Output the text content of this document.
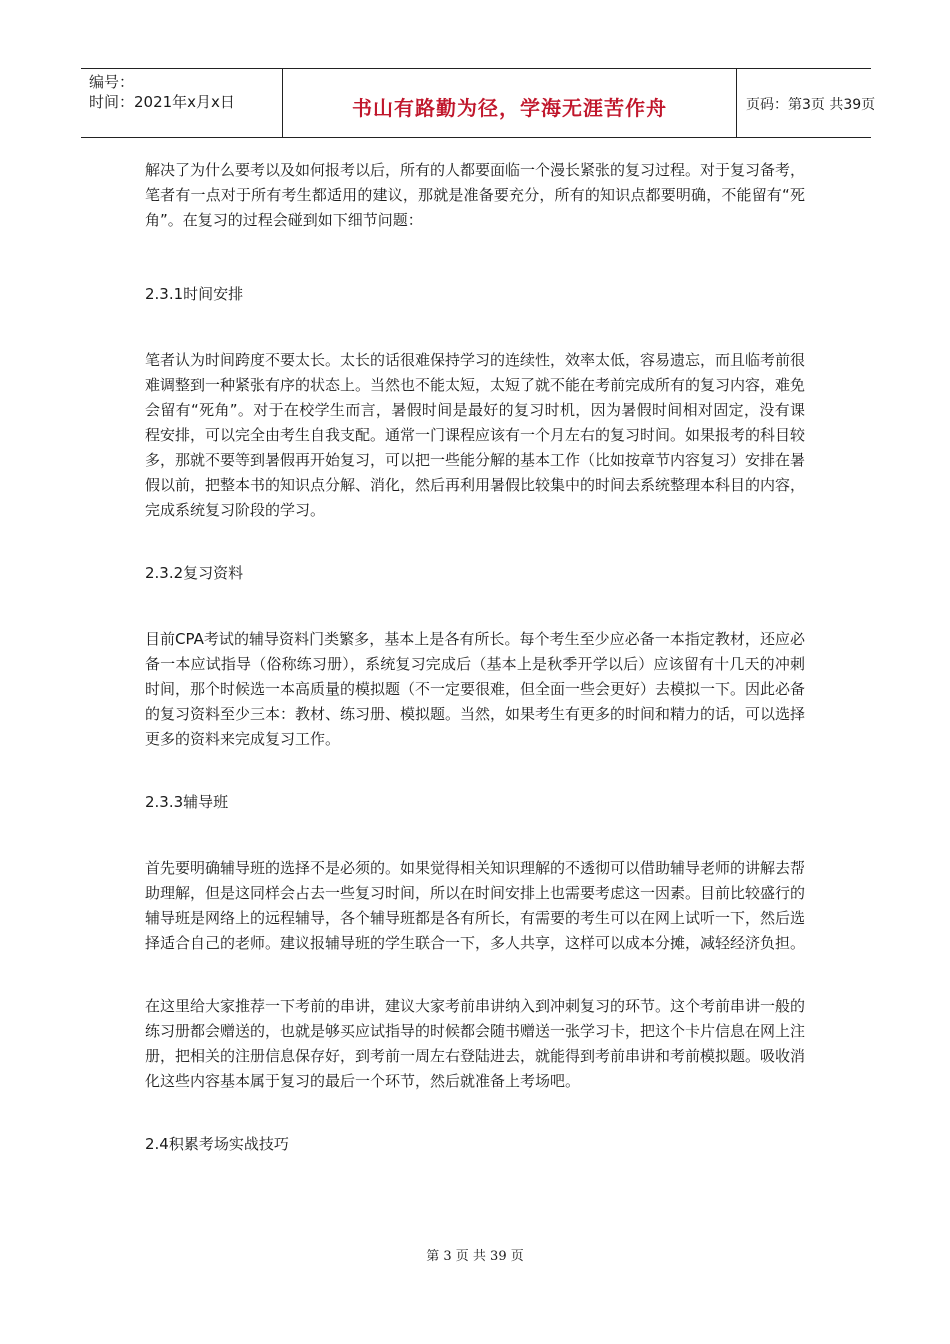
编号：
时间：2021年x月x日	书山有路勤为径，学海无涯苦作舟	页码：第3页 共39页

解决了为什么要考以及如何报考以后，所有的人都要面临一个漫长紧张的复习过程。对于复习备考，笔者有一点对于所有考生都适用的建议，那就是准备要充分，所有的知识点都要明确，不能留有“死角”。在复习的过程会碰到如下细节问题：

2.3.1时间安排

笔者认为时间跨度不要太长。太长的话很难保持学习的连续性，效率太低，容易遗忘，而且临考前很难调整到一种紧张有序的状态上。当然也不能太短，太短了就不能在考前完成所有的复习内容，难免会留有“死角”。对于在校学生而言，暑假时间是最好的复习时机，因为暑假时间相对固定，没有课程安排，可以完全由考生自我支配。通常一门课程应该有一个月左右的复习时间。如果报考的科目较多，那就不要等到暑假再开始复习，可以把一些能分解的基本工作（比如按章节内容复习）安排在暑假以前，把整本书的知识点分解、消化，然后再利用暑假比较集中的时间去系统整理本科目的内容，完成系统复习阶段的学习。

2.3.2复习资料

目前CPA考试的辅导资料门类繁多，基本上是各有所长。每个考生至少应必备一本指定教材，还应必备一本应试指导（俗称练习册），系统复习完成后（基本上是秋季开学以后）应该留有十几天的冲刺时间，那个时候选一本高质量的模拟题（不一定要很难，但全面一些会更好）去模拟一下。因此必备的复习资料至少三本：教材、练习册、模拟题。当然，如果考生有更多的时间和精力的话，可以选择更多的资料来完成复习工作。

2.3.3辅导班

首先要明确辅导班的选择不是必须的。如果觉得相关知识理解的不透彻可以借助辅导老师的讲解去帮助理解，但是这同样会占去一些复习时间，所以在时间安排上也需要考虑这一因素。目前比较盛行的辅导班是网络上的远程辅导，各个辅导班都是各有所长，有需要的考生可以在网上试听一下，然后选择适合自己的老师。建议报辅导班的学生联合一下，多人共享，这样可以成本分摊，减轻经济负担。

在这里给大家推荐一下考前的串讲，建议大家考前串讲纳入到冲刺复习的环节。这个考前串讲一般的练习册都会赠送的，也就是够买应试指导的时候都会随书赠送一张学习卡，把这个卡片信息在网上注册，把相关的注册信息保存好，到考前一周左右登陆进去，就能得到考前串讲和考前模拟题。吸收消化这些内容基本属于复习的最后一个环节，然后就准备上考场吧。

2.4积累考场实战技巧

第 3 页 共 39 页
